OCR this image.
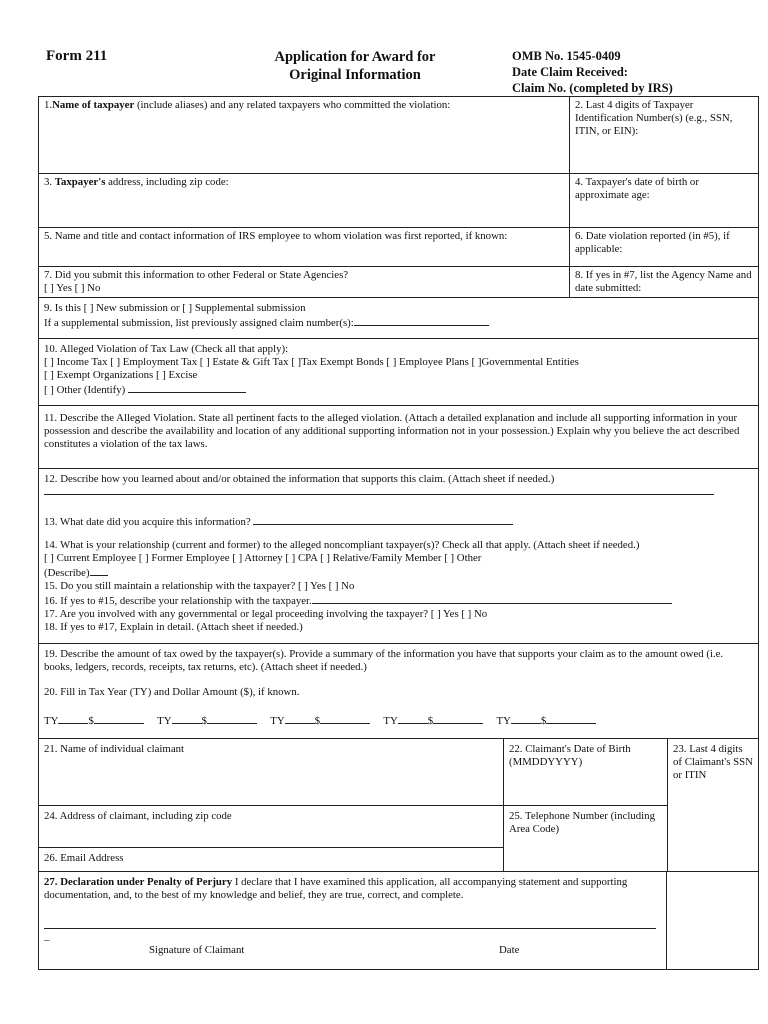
Form 211	Application for Award for
Original Information
OMB No. 1545-0409
Date Claim Received:
Claim No. (completed by IRS)
1.Name of taxpayer (include aliases) and any related taxpayers who committed the violation:	2. Last 4 digits of Taxpayer Identification Number(s) (e.g., SSN, ITIN, or EIN):
3. Taxpayer's address, including zip code:	4. Taxpayer's date of birth or approximate age:
5. Name and title and contact information of IRS employee to whom violation was first reported, if known:	6. Date violation reported (in #5), if applicable:
7. Did you submit this information to other Federal or State Agencies?
[ ] Yes [ ] No
8. If yes in #7, list the Agency Name and date submitted:
9. Is this [ ] New submission or [ ] Supplemental submission
If a supplemental submission, list previously assigned claim number(s):
10. Alleged Violation of Tax Law (Check all that apply):
[ ] Income Tax [ ] Employment Tax [ ] Estate & Gift Tax [ ]Tax Exempt Bonds [ ] Employee Plans [ ]Governmental Entities
[ ] Exempt Organizations [ ] Excise
[ ] Other (Identify)
11. Describe the Alleged Violation. State all pertinent facts to the alleged violation. (Attach a detailed explanation and include all supporting information in your possession and describe the availability and location of any additional supporting information not in your possession.) Explain why you believe the act described constitutes a violation of the tax laws.
12. Describe how you learned about and/or obtained the information that supports this claim. (Attach sheet if needed.)
13. What date did you acquire this information?
14. What is your relationship (current and former) to the alleged noncompliant taxpayer(s)? Check all that apply. (Attach sheet if needed.)
[ ] Current Employee [ ] Former Employee [ ] Attorney [ ] CPA [ ] Relative/Family Member [ ] Other
(Describe)
15. Do you still maintain a relationship with the taxpayer? [ ] Yes [ ] No
16. If yes to #15, describe your relationship with the taxpayer.
17. Are you involved with any governmental or legal proceeding involving the taxpayer? [ ] Yes [ ] No
18. If yes to #17, Explain in detail. (Attach sheet if needed.)
19. Describe the amount of tax owed by the taxpayer(s). Provide a summary of the information you have that supports your claim as to the amount owed (i.e. books, ledgers, records, receipts, tax returns, etc). (Attach sheet if needed.)
20. Fill in Tax Year (TY) and Dollar Amount ($), if known.
TY	$	TY	$	TY	$	TY	$	TY	$
21. Name of individual claimant	22. Claimant's Date of Birth (MMDDYYYY)
23. Last 4 digits of Claimant's SSN or ITIN
24. Address of claimant, including zip code	25. Telephone Number (including Area Code)
26. Email Address
27. Declaration under Penalty of Perjury I declare that I have examined this application, all accompanying statement and supporting documentation, and, to the best of my knowledge and belief, they are true, correct, and complete.
_
Signature of Claimant	Date
